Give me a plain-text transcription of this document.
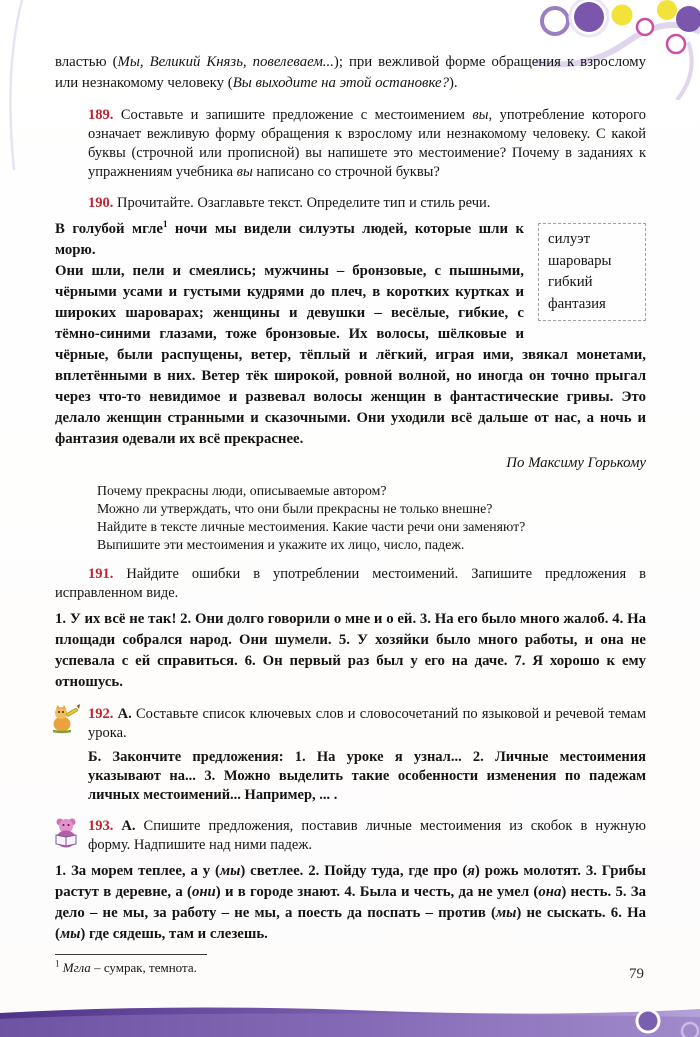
властью (Мы, Великий Князь, повелеваем...); при вежливой форме обращения к взрослому или незнакомому человеку (Вы выходите на этой остановке?).

189. Составьте и запишите предложение с местоимением вы, употребление которого означает вежливую форму обращения к взрослому или незнакомому человеку. С какой буквы (строчной или прописной) вы напишете это местоимение? Почему в заданиях к упражнениям учебника вы написано со строчной буквы?

190. Прочитайте. Озаглавьте текст. Определите тип и стиль речи.

силуэт
шаровары
гибкий
фантазия

В голубой мгле$^1$ ночи мы видели силуэты людей, которые шли к морю.

Они шли, пели и смеялись; мужчины – бронзовые, с пышными, чёрными усами и густыми кудрями до плеч, в коротких куртках и широких шароварах; женщины и девушки – весёлые, гибкие, с тёмно-синими глазами, тоже бронзовые. Их волосы, шёлковые и чёрные, были распущены, ветер, тёплый и лёгкий, играя ими, звякал монетами, вплетёнными в них. Ветер тёк широкой, ровной волной, но иногда он точно прыгал через что-то невидимое и развевал волосы женщин в фантастические гривы. Это делало женщин странными и сказочными. Они уходили всё дальше от нас, а ночь и фантазия одевали их всё прекраснее.

По Максиму Горькому

Почему прекрасны люди, описываемые автором?

Можно ли утверждать, что они были прекрасны не только внешне?

Найдите в тексте личные местоимения. Какие части речи они заменяют?

Выпишите эти местоимения и укажите их лицо, число, падеж.

191. Найдите ошибки в употреблении местоимений. Запишите предложения в исправленном виде.

1. У их всё не так! 2. Они долго говорили о мне и о ей. 3. На его было много жалоб. 4. На площади собрался народ. Они шумели. 5. У хозяйки было много работы, и она не успевала с ей справиться. 6. Он первый раз был у его на даче. 7. Я хорошо к ему отношусь.

192. А. Составьте список ключевых слов и словосочетаний по языковой и речевой темам урока.

Б. Закончите предложения: 1. На уроке я узнал... 2. Личные местоимения указывают на... 3. Можно выделить такие особенности изменения по падежам личных местоимений... Например, ... .

193. А. Спишите предложения, поставив личные местоимения из скобок в нужную форму. Надпишите над ними падеж.

1. За морем теплее, а у (мы) светлее. 2. Пойду туда, где про (я) рожь молотят. 3. Грибы растут в деревне, а (они) и в городе знают. 4. Была и честь, да не умел (она) несть. 5. За дело – не мы, за работу – не мы, а поесть да поспать – против (мы) не сыскать. 6. На (мы) где сядешь, там и слезешь.

$^1$ Мгла – сумрак, темнота.	79
